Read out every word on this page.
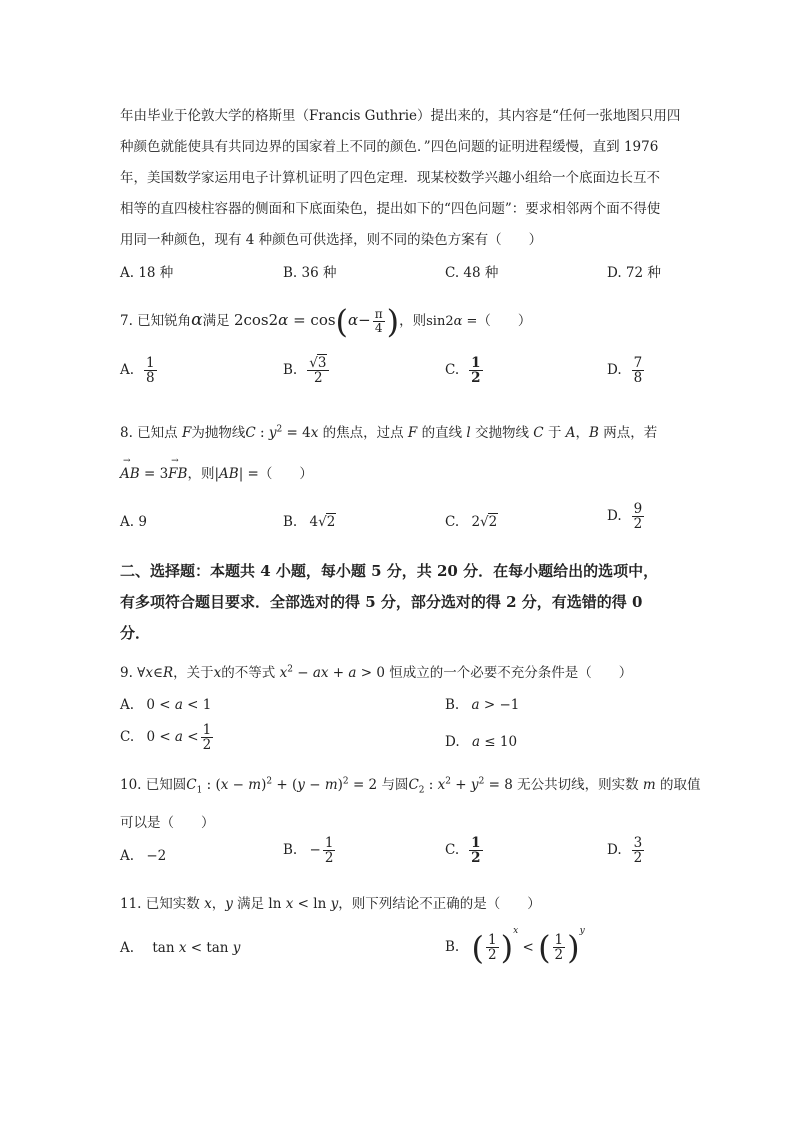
年由毕业于伦敦大学的格斯里（Francis Guthrie）提出来的，其内容是“任何一张地图只用四
种颜色就能使具有共同边界的国家着上不同的颜色．”四色问题的证明进程缓慢，直到 1976
年，美国数学家运用电子计算机证明了四色定理．现某校数学兴趣小组给一个底面边长互不
相等的直四棱柱容器的侧面和下底面染色，提出如下的“四色问题”：要求相邻两个面不得使
用同一种颜色，现有 4 种颜色可供选择，则不同的染色方案有（　　）
A. 18 种	B. 36 种	C. 48 种	D. 72 种
7. 已知锐角α满足 $2\cos 2\alpha = \cos(\alpha- \frac{\pi}{4}$ )，则sin2α =（　　）
A. $\frac{1}{8}$	B. $\frac{√3}{2}$	C. $\frac{1}{2}$	D. $\frac{7}{8}$
8. 已知点 F为抛物线C : $y^2 = 4x$ 的焦点，过点 F 的直线 l 交抛物线 C 于 A，B 两点，若
→ AB = 3→ FB，则|AB| =（　　）
A. 9	B. 4√2	C. 2√2	D. $\frac{9}{2}$
二、选择题：本题共 4 小题，每小题 5 分，共 20 分．在每小题给出的选项中，
有多项符合题目要求．全部选对的得 5 分，部分选对的得 2 分，有选错的得 0
分．
9. ∀x∈R，关于x的不等式 $x^2$ − ax + a > 0 恒成立的一个必要不充分条件是（　　）
A. 0 < a < 1	B. a > −1
C. $0 < a < \frac{1}{2}$	D. a ≤ 10
10. 已知圆$C_1$ : $(x - m)^2 + (y - m)^2 = 2$ 与圆$C_2$ : $x^2 + y^2 = 8$ 无公共切线，则实数 m 的取值
可以是（　　）
A. −2	B. − $\frac{1}{2}$	C. $\frac{1}{2}$	D. $\frac{3}{2}$
11. 已知实数 x，y 满足 ln x < ln y，则下列结论不正确的是（　　）
A. tan x < tan y	B. ( $\frac{1}{2} )^x$ < ( $\frac{1}{2} )^y$
